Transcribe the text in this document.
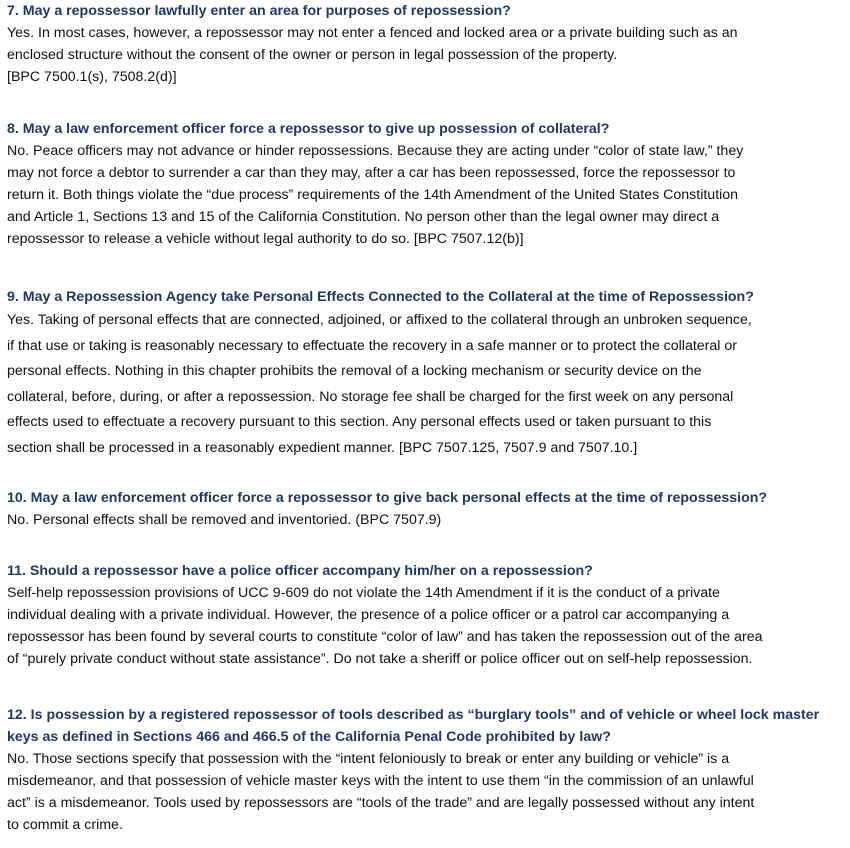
7. May a repossessor lawfully enter an area for purposes of repossession?
Yes. In most cases, however, a repossessor may not enter a fenced and locked area or a private building such as an
enclosed structure without the consent of the owner or person in legal possession of the property.
[BPC 7500.1(s), 7508.2(d)]
8. May a law enforcement officer force a repossessor to give up possession of collateral?
No. Peace officers may not advance or hinder repossessions. Because they are acting under “color of state law,” they
may not force a debtor to surrender a car than they may, after a car has been repossessed, force the repossessor to
return it. Both things violate the “due process” requirements of the 14th Amendment of the United States Constitution
and Article 1, Sections 13 and 15 of the California Constitution. No person other than the legal owner may direct a
repossessor to release a vehicle without legal authority to do so. [BPC 7507.12(b)]
9. May a Repossession Agency take Personal Effects Connected to the Collateral at the time of Repossession?
Yes. Taking of personal effects that are connected, adjoined, or affixed to the collateral through an unbroken sequence,
if that use or taking is reasonably necessary to effectuate the recovery in a safe manner or to protect the collateral or
personal effects. Nothing in this chapter prohibits the removal of a locking mechanism or security device on the
collateral, before, during, or after a repossession. No storage fee shall be charged for the first week on any personal
effects used to effectuate a recovery pursuant to this section. Any personal effects used or taken pursuant to this
section shall be processed in a reasonably expedient manner. [BPC 7507.125, 7507.9 and 7507.10.]
10. May a law enforcement officer force a repossessor to give back personal effects at the time of repossession?
No. Personal effects shall be removed and inventoried. (BPC 7507.9)
11. Should a repossessor have a police officer accompany him/her on a repossession?
Self-help repossession provisions of UCC 9-609 do not violate the 14th Amendment if it is the conduct of a private
individual dealing with a private individual. However, the presence of a police officer or a patrol car accompanying a
repossessor has been found by several courts to constitute “color of law” and has taken the repossession out of the area
of “purely private conduct without state assistance”. Do not take a sheriff or police officer out on self-help repossession.
12. Is possession by a registered repossessor of tools described as “burglary tools” and of vehicle or wheel lock master
keys as defined in Sections 466 and 466.5 of the California Penal Code prohibited by law?
No. Those sections specify that possession with the “intent feloniously to break or enter any building or vehicle” is a
misdemeanor, and that possession of vehicle master keys with the intent to use them “in the commission of an unlawful
act” is a misdemeanor. Tools used by repossessors are “tools of the trade” and are legally possessed without any intent
to commit a crime.
